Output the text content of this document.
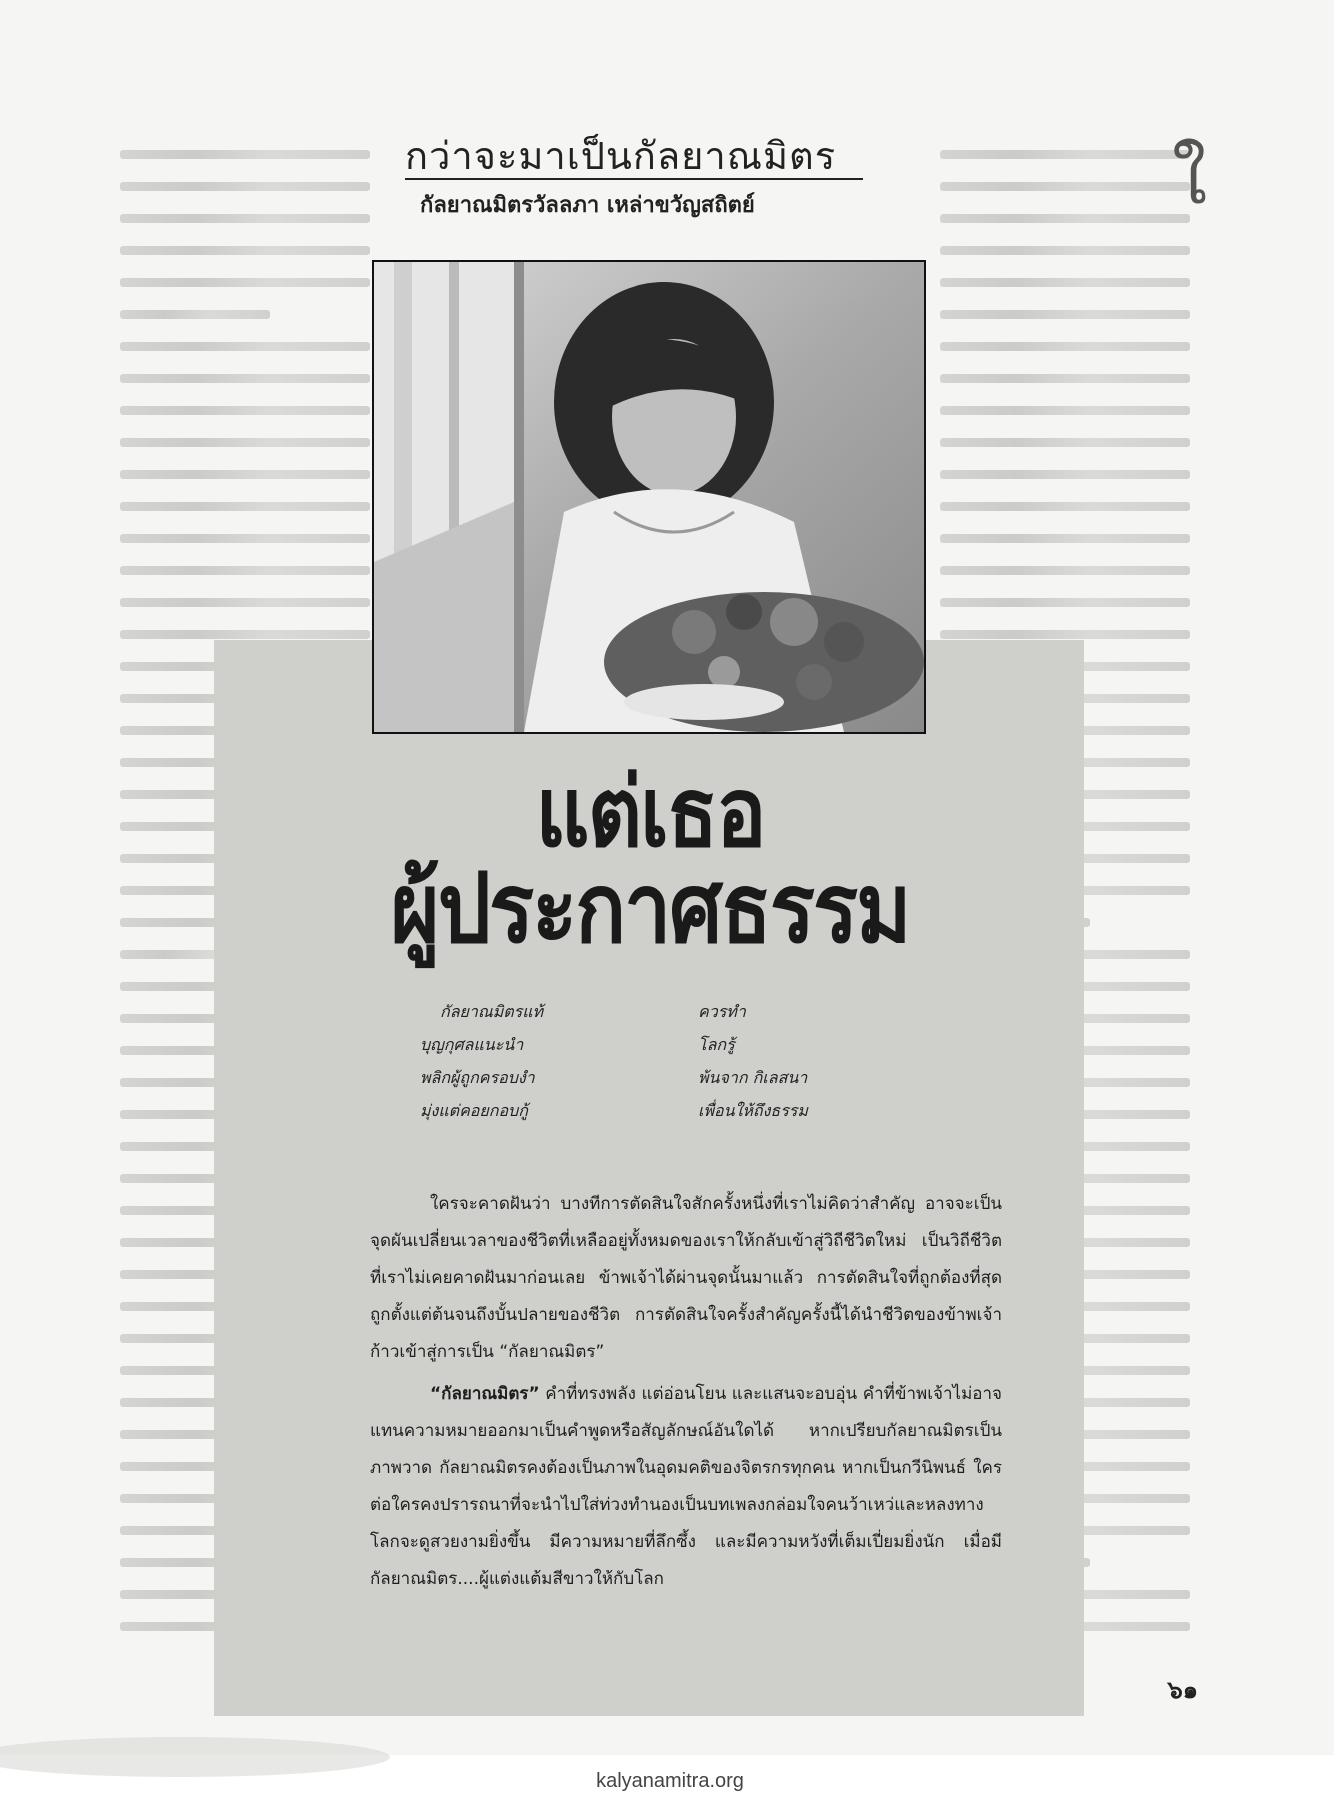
ใ
กว่าจะมาเป็นกัลยาณมิตร
กัลยาณมิตรวัลลภา เหล่าขวัญสถิตย์
แต่เธอ
ผู้ประกาศธรรม
กัลยาณมิตรแท้	ควรทำ
บุญกุศลแนะนำ	โลกรู้
พลิกผู้ถูกครอบงำ	พ้นจาก กิเลสนา
มุ่งแต่คอยกอบกู้	เพื่อนให้ถึงธรรม

ใครจะคาดฝันว่า บางทีการตัดสินใจสักครั้งหนึ่งที่เราไม่คิดว่าสำคัญ อาจจะเป็นจุดผันเปลี่ยนเวลาของชีวิตที่เหลืออยู่ทั้งหมดของเราให้กลับเข้าสู่วิถีชีวิตใหม่ เป็นวิถีชีวิตที่เราไม่เคยคาดฝันมาก่อนเลย ข้าพเจ้าได้ผ่านจุดนั้นมาแล้ว การตัดสินใจที่ถูกต้องที่สุด ถูกตั้งแต่ต้นจนถึงบั้นปลายของชีวิต การตัดสินใจครั้งสำคัญครั้งนี้ได้นำชีวิตของข้าพเจ้าก้าวเข้าสู่การเป็น “กัลยาณมิตร”

“กัลยาณมิตร” คำที่ทรงพลัง แต่อ่อนโยน และแสนจะอบอุ่น คำที่ข้าพเจ้าไม่อาจแทนความหมายออกมาเป็นคำพูดหรือสัญลักษณ์อันใดได้ หากเปรียบกัลยาณมิตรเป็นภาพวาด กัลยาณมิตรคงต้องเป็นภาพในอุดมคติของจิตรกรทุกคน หากเป็นกวีนิพนธ์ ใครต่อใครคงปรารถนาที่จะนำไปใส่ท่วงทำนองเป็นบทเพลงกล่อมใจคนว้าเหว่และหลงทาง โลกจะดูสวยงามยิ่งขึ้น มีความหมายที่ลึกซึ้ง และมีความหวังที่เต็มเปี่ยมยิ่งนัก เมื่อมีกัลยาณมิตร....ผู้แต่งแต้มสีขาวให้กับโลก

๖๑
kalyanamitra.org
